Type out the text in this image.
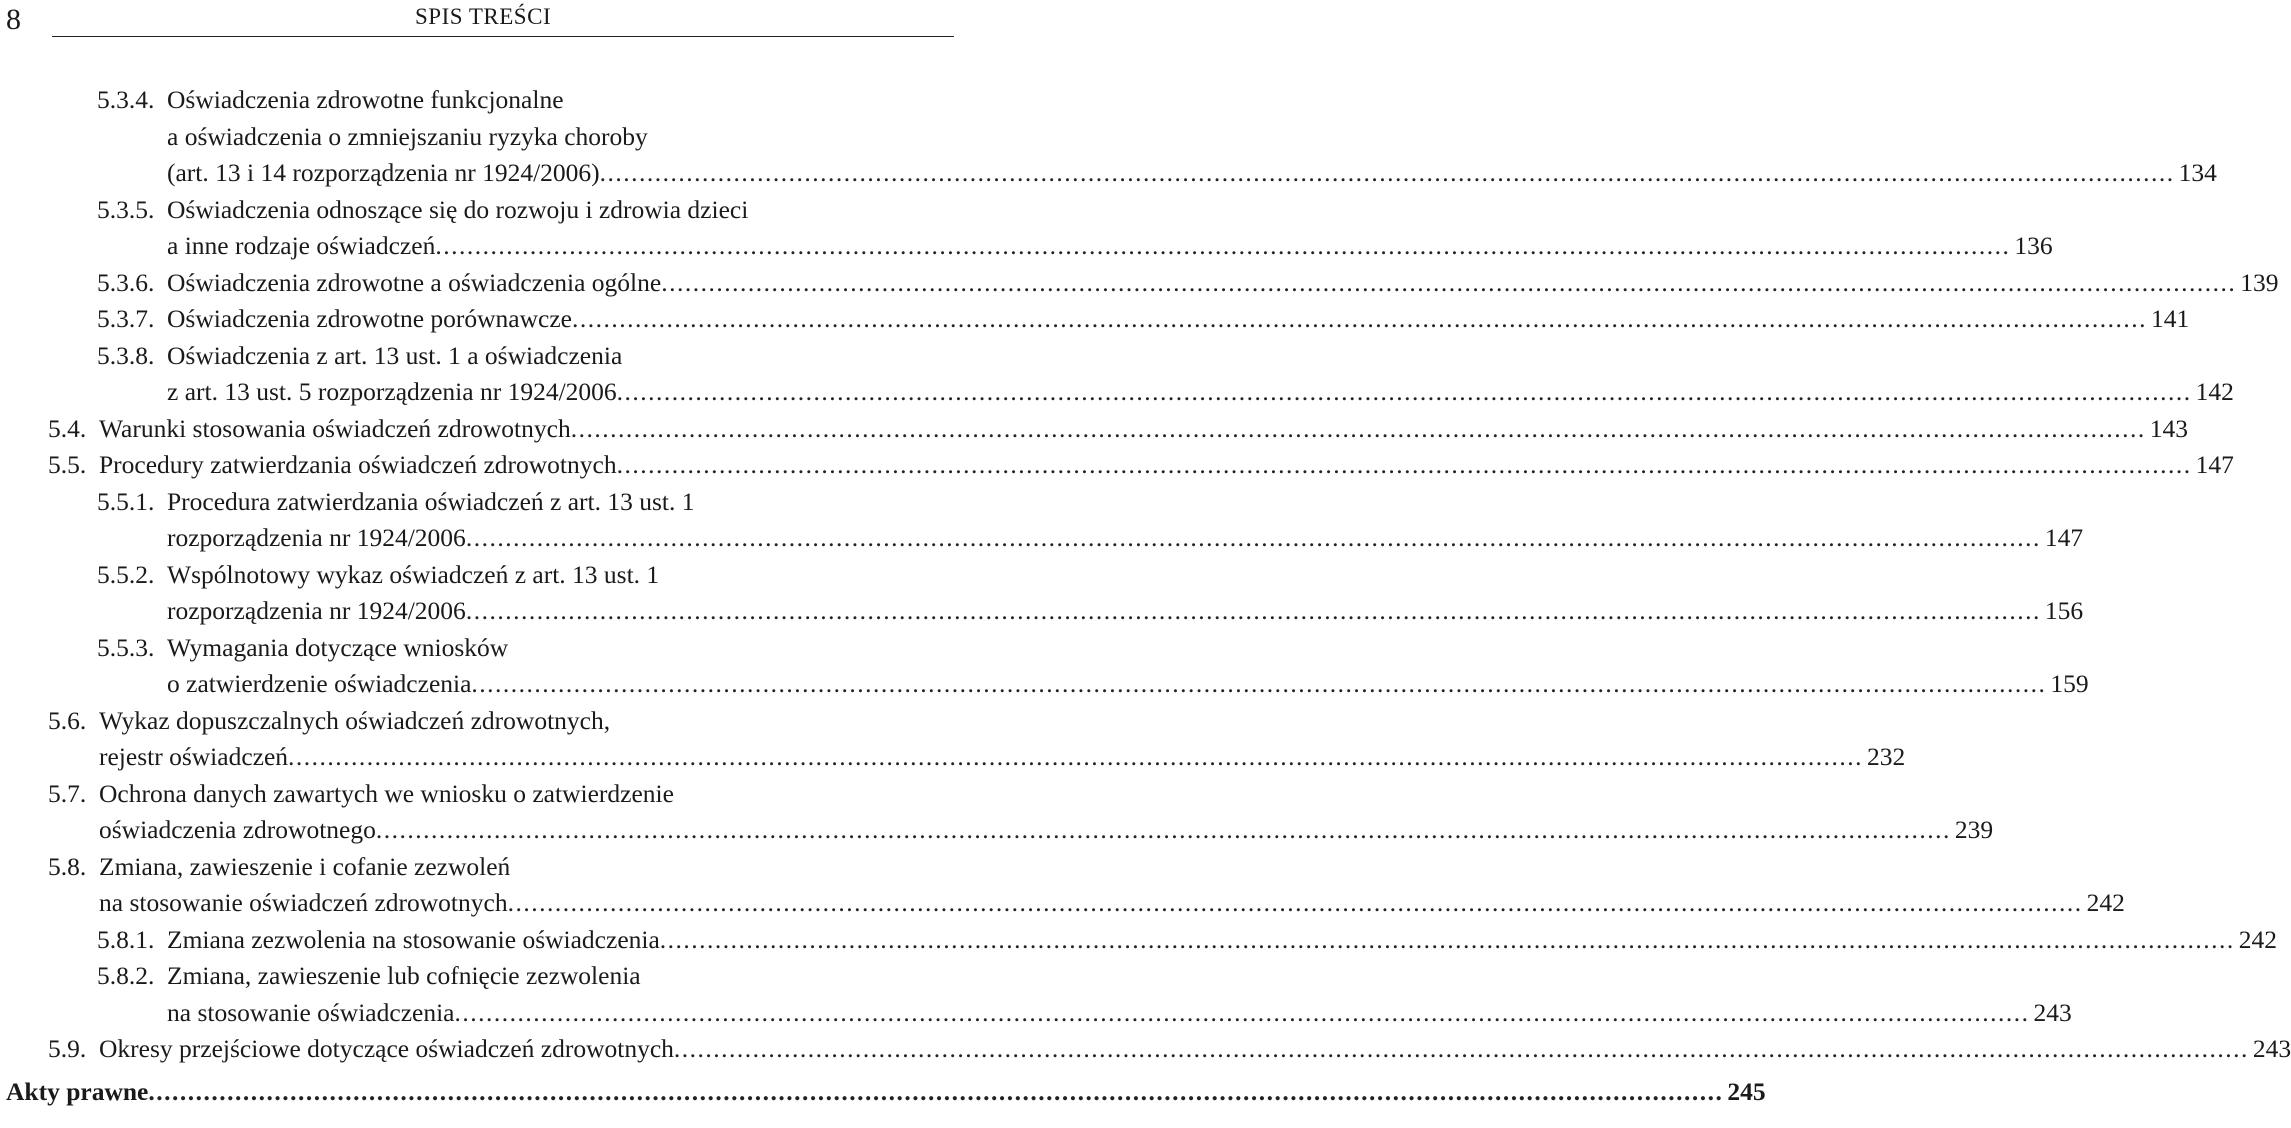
8	SPIS TREŚCI
5.3.4. Oświadczenia zdrowotne funkcjonalne
a oświadczenia o zmniejszaniu ryzyka choroby
(art. 13 i 14 rozporządzenia nr 1924/2006) ........................................................................................................................................................................................................ 134
5.3.5. Oświadczenia odnoszące się do rozwoju i zdrowia dzieci
a inne rodzaje oświadczeń ........................................................................................................................................................................................................ 136
5.3.6. Oświadczenia zdrowotne a oświadczenia ogólne ........................................................................................................................................................................................................ 139
5.3.7. Oświadczenia zdrowotne porównawcze ........................................................................................................................................................................................................ 141
5.3.8. Oświadczenia z art. 13 ust. 1 a oświadczenia
z art. 13 ust. 5 rozporządzenia nr 1924/2006 ........................................................................................................................................................................................................ 142
5.4. Warunki stosowania oświadczeń zdrowotnych ........................................................................................................................................................................................................ 143
5.5. Procedury zatwierdzania oświadczeń zdrowotnych ........................................................................................................................................................................................................ 147
5.5.1. Procedura zatwierdzania oświadczeń z art. 13 ust. 1
rozporządzenia nr 1924/2006 ........................................................................................................................................................................................................ 147
5.5.2. Wspólnotowy wykaz oświadczeń z art. 13 ust. 1
rozporządzenia nr 1924/2006 ........................................................................................................................................................................................................ 156
5.5.3. Wymagania dotyczące wniosków
o zatwierdzenie oświadczenia ........................................................................................................................................................................................................ 159
5.6. Wykaz dopuszczalnych oświadczeń zdrowotnych,
rejestr oświadczeń ........................................................................................................................................................................................................ 232
5.7. Ochrona danych zawartych we wniosku o zatwierdzenie
oświadczenia zdrowotnego ........................................................................................................................................................................................................ 239
5.8. Zmiana, zawieszenie i cofanie zezwoleń
na stosowanie oświadczeń zdrowotnych ........................................................................................................................................................................................................ 242
5.8.1. Zmiana zezwolenia na stosowanie oświadczenia ........................................................................................................................................................................................................ 242
5.8.2. Zmiana, zawieszenie lub cofnięcie zezwolenia
na stosowanie oświadczenia ........................................................................................................................................................................................................ 243
5.9. Okresy przejściowe dotyczące oświadczeń zdrowotnych ........................................................................................................................................................................................................ 243
Akty prawne ........................................................................................................................................................................................................ 245
